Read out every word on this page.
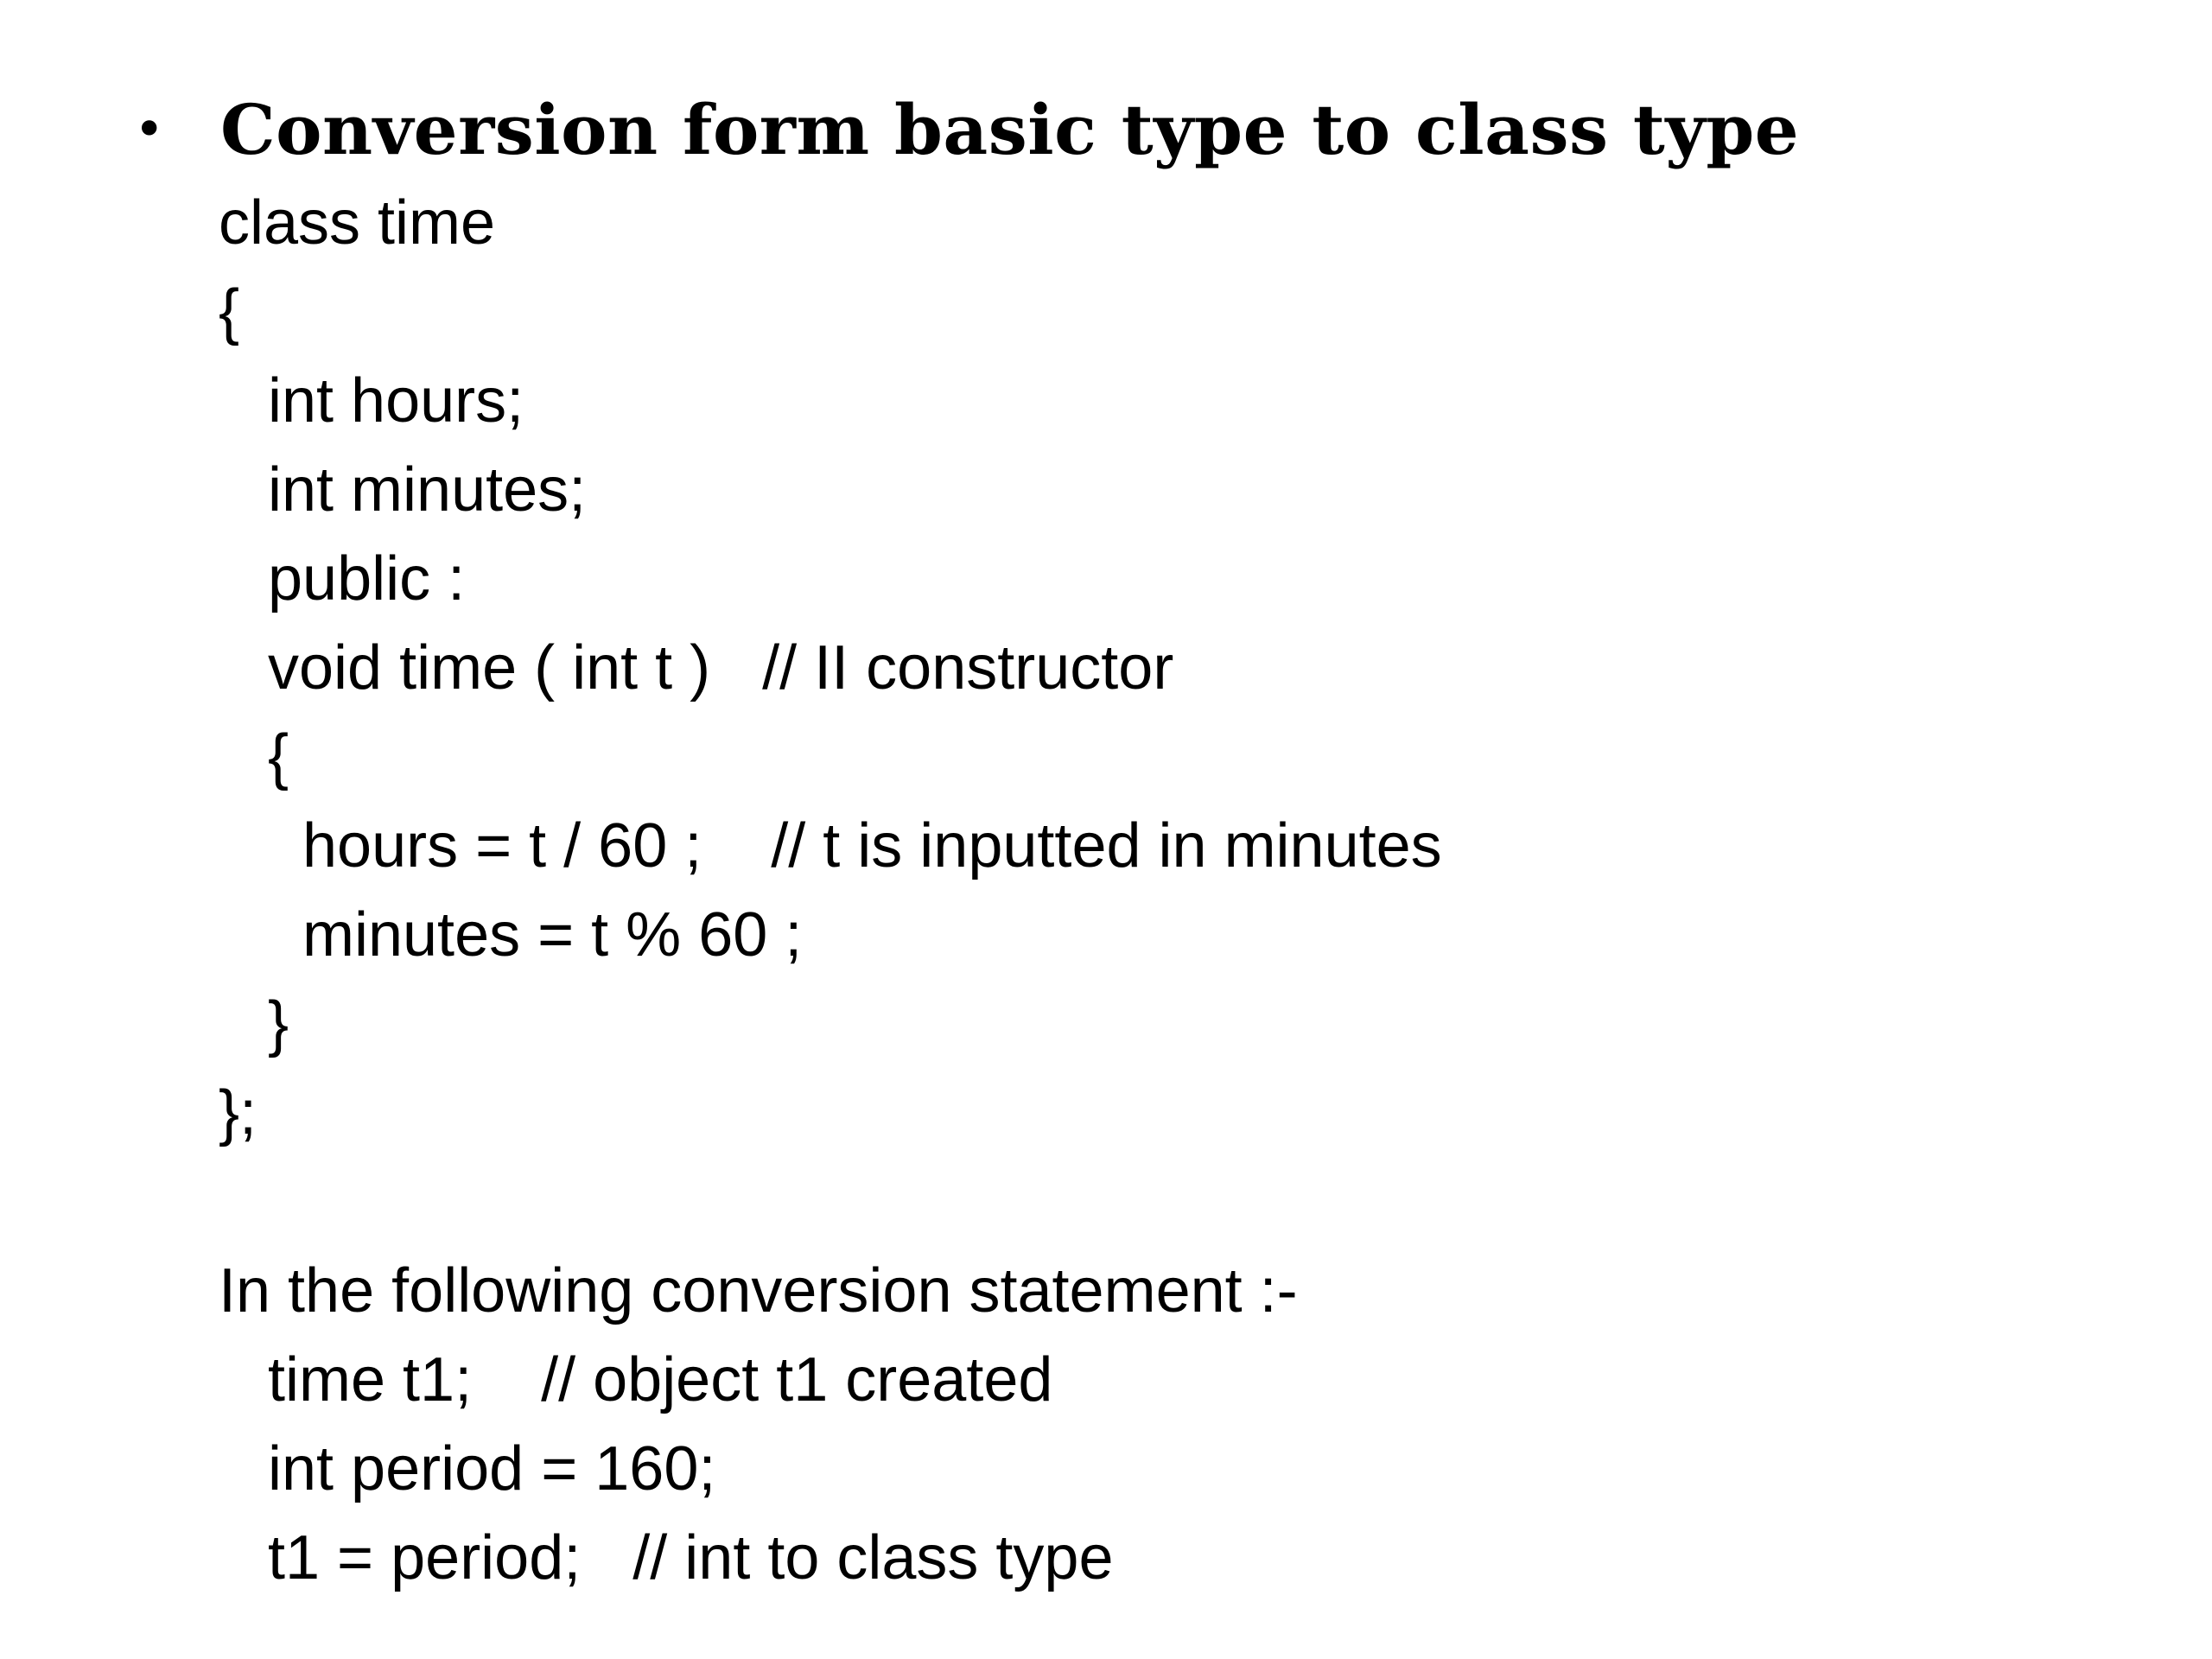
• Conversion form basic type to class type
class time
{
int hours;
int minutes;
public :
void time ( int t )   // II constructor
{
hours = t / 60 ;    // t is inputted in minutes
minutes = t % 60 ;
}
};
In the following conversion statement :-
time t1;    // object t1 created
int period = 160;
t1 = period;   // int to class type
